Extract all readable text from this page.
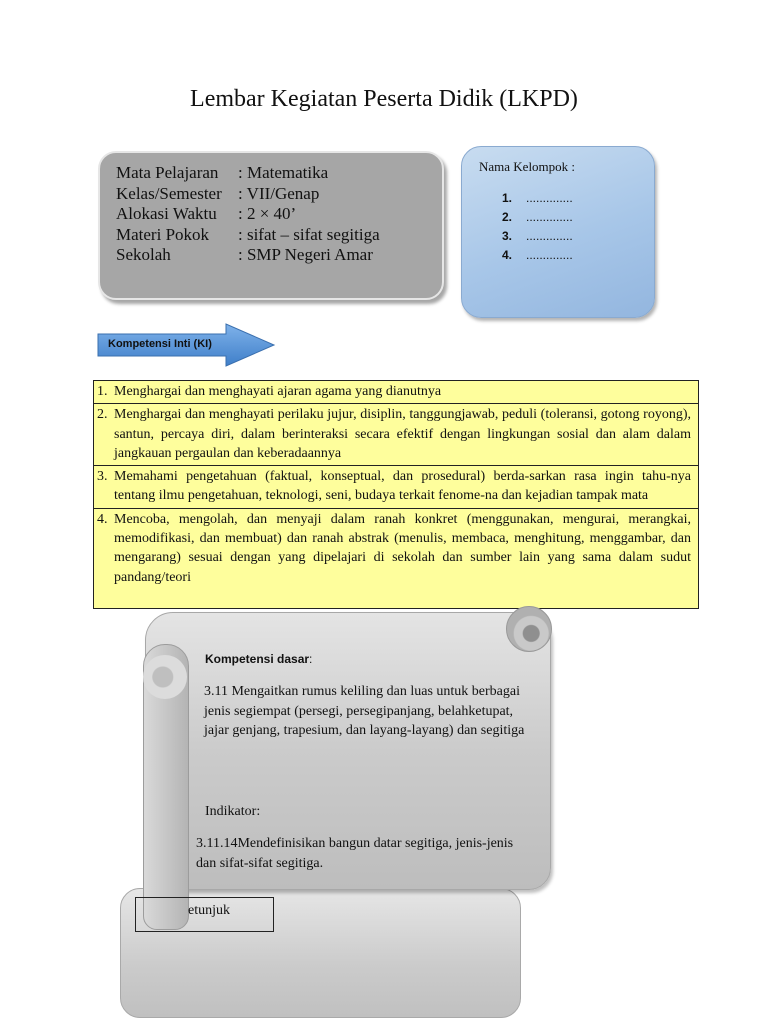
Lembar Kegiatan Peserta Didik (LKPD)
Mata Pelajaran	: Matematika
Kelas/Semester	: VII/Genap
Alokasi Waktu	: 2 × 40’
Materi Pokok	: sifat – sifat segitiga
Sekolah	: SMP Negeri Amar
Nama Kelompok :
1. ..............
2. ..............
3. ..............
4. ..............
Kompetensi Inti (KI)
1. Menghargai dan menghayati ajaran agama yang dianutnya

2. Menghargai dan menghayati perilaku jujur, disiplin, tanggungjawab, peduli (toleransi, gotong royong), santun, percaya diri, dalam berinteraksi secara efektif dengan lingkungan sosial dan alam dalam jangkauan pergaulan dan keberadaannya

3. Memahami pengetahuan (faktual, konseptual, dan prosedural) berda-sarkan rasa ingin tahu-nya tentang ilmu pengetahuan, teknologi, seni, budaya terkait fenome-na dan kejadian tampak mata

4. Mencoba, mengolah, dan menyaji dalam ranah konkret (menggunakan, mengurai, merangkai, memodifikasi, dan membuat) dan ranah abstrak (menulis, membaca, menghitung, menggambar, dan mengarang) sesuai dengan yang dipelajari di sekolah dan sumber lain yang sama dalam sudut pandang/teori
Kompetensi dasar:
3.11 Mengaitkan rumus keliling dan luas untuk berbagai jenis segiempat (persegi, persegipanjang, belahketupat, jajar genjang, trapesium, dan layang-layang) dan segitiga
Indikator:
3.11.14Mendefinisikan bangun datar segitiga, jenis-jenis dan sifat-sifat segitiga.
etunjuk
